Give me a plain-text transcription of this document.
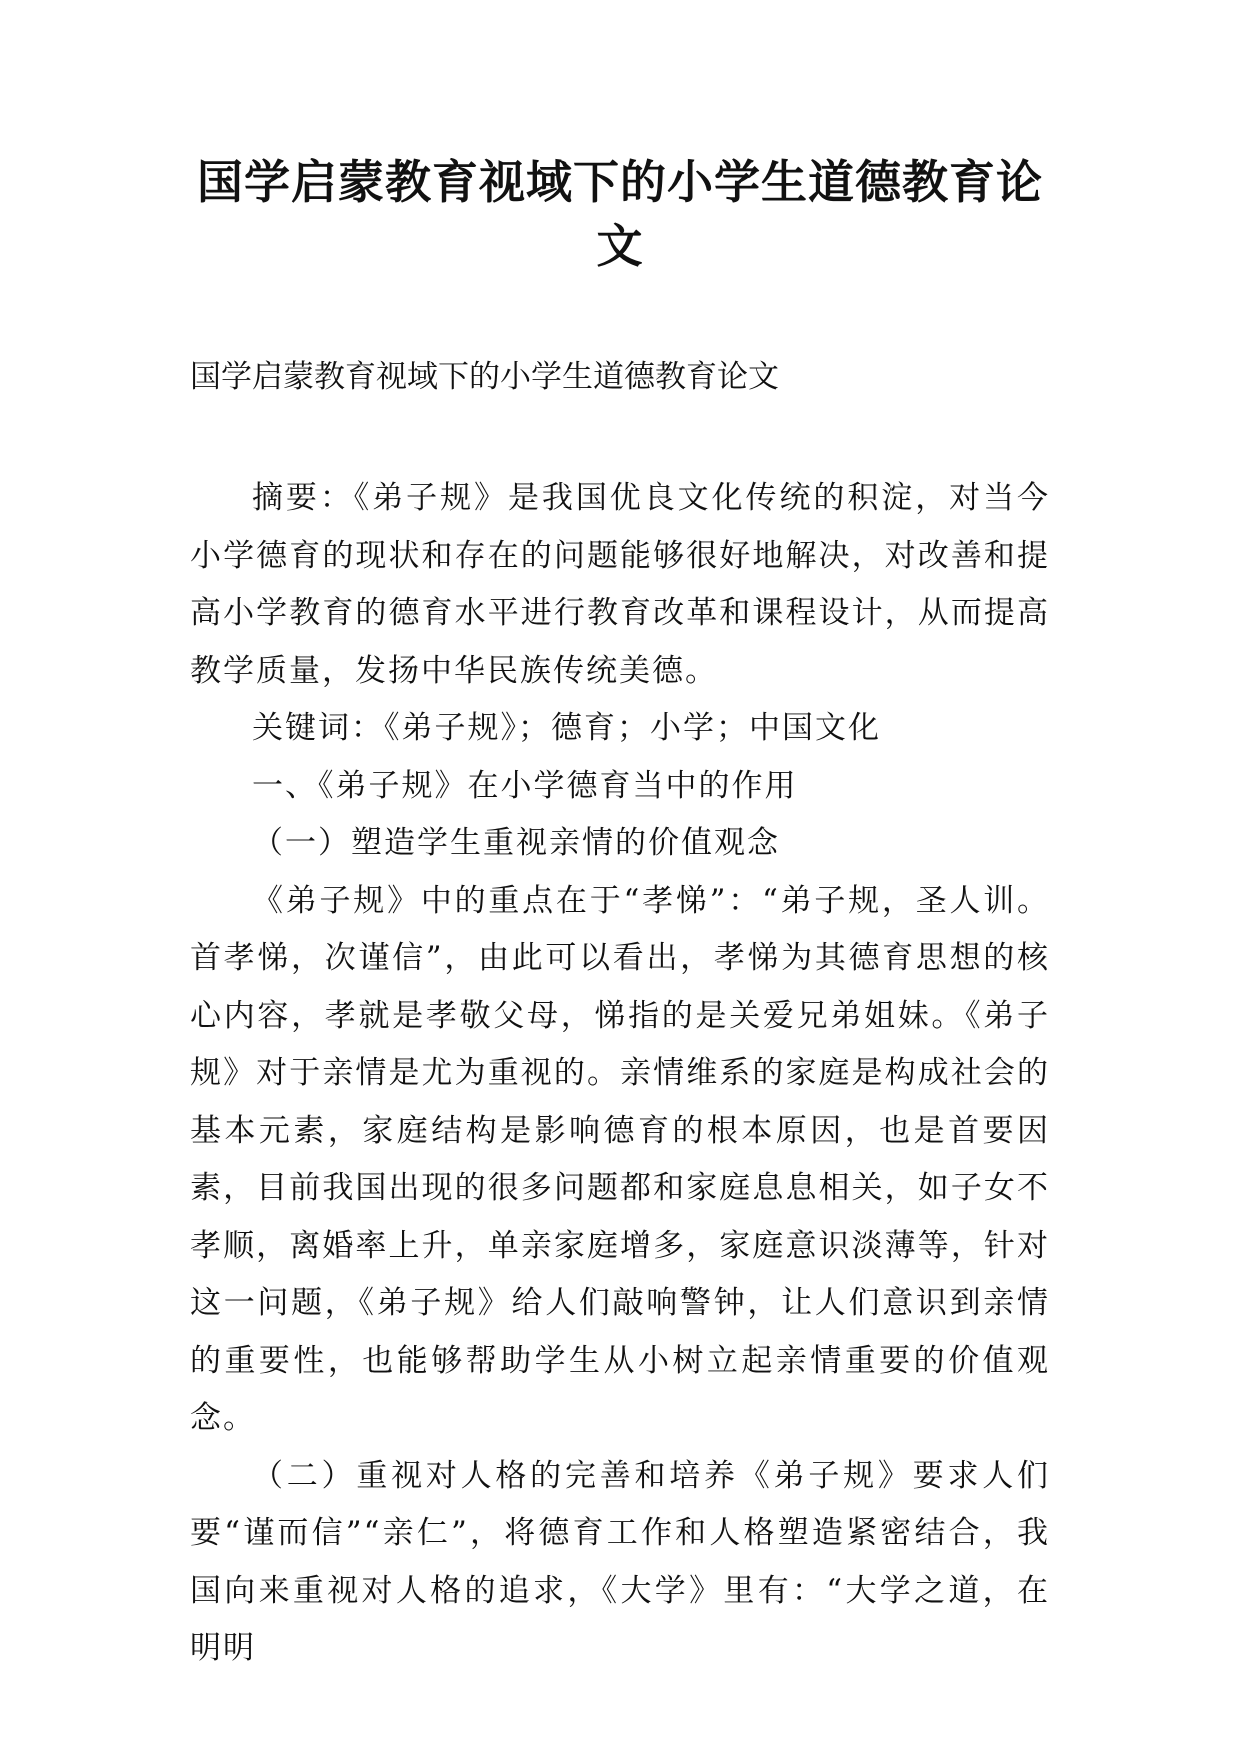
国学启蒙教育视域下的小学生道德教育论文

国学启蒙教育视域下的小学生道德教育论文

摘要：《弟子规》是我国优良文化传统的积淀，对当今小学德育的现状和存在的问题能够很好地解决，对改善和提高小学教育的德育水平进行教育改革和课程设计，从而提高教学质量，发扬中华民族传统美德。

关键词：《弟子规》；德育；小学；中国文化

一、《弟子规》在小学德育当中的作用

（一）塑造学生重视亲情的价值观念

《弟子规》中的重点在于“孝悌”：“弟子规，圣人训。首孝悌，次谨信”，由此可以看出，孝悌为其德育思想的核心内容，孝就是孝敬父母，悌指的是关爱兄弟姐妹。《弟子规》对于亲情是尤为重视的。亲情维系的家庭是构成社会的基本元素，家庭结构是影响德育的根本原因，也是首要因素，目前我国出现的很多问题都和家庭息息相关，如子女不孝顺，离婚率上升，单亲家庭增多，家庭意识淡薄等，针对这一问题，《弟子规》给人们敲响警钟，让人们意识到亲情的重要性，也能够帮助学生从小树立起亲情重要的价值观念。

（二）重视对人格的完善和培养《弟子规》要求人们要“谨而信”“亲仁”，将德育工作和人格塑造紧密结合，我国向来重视对人格的追求，《大学》里有：“大学之道，在明明
